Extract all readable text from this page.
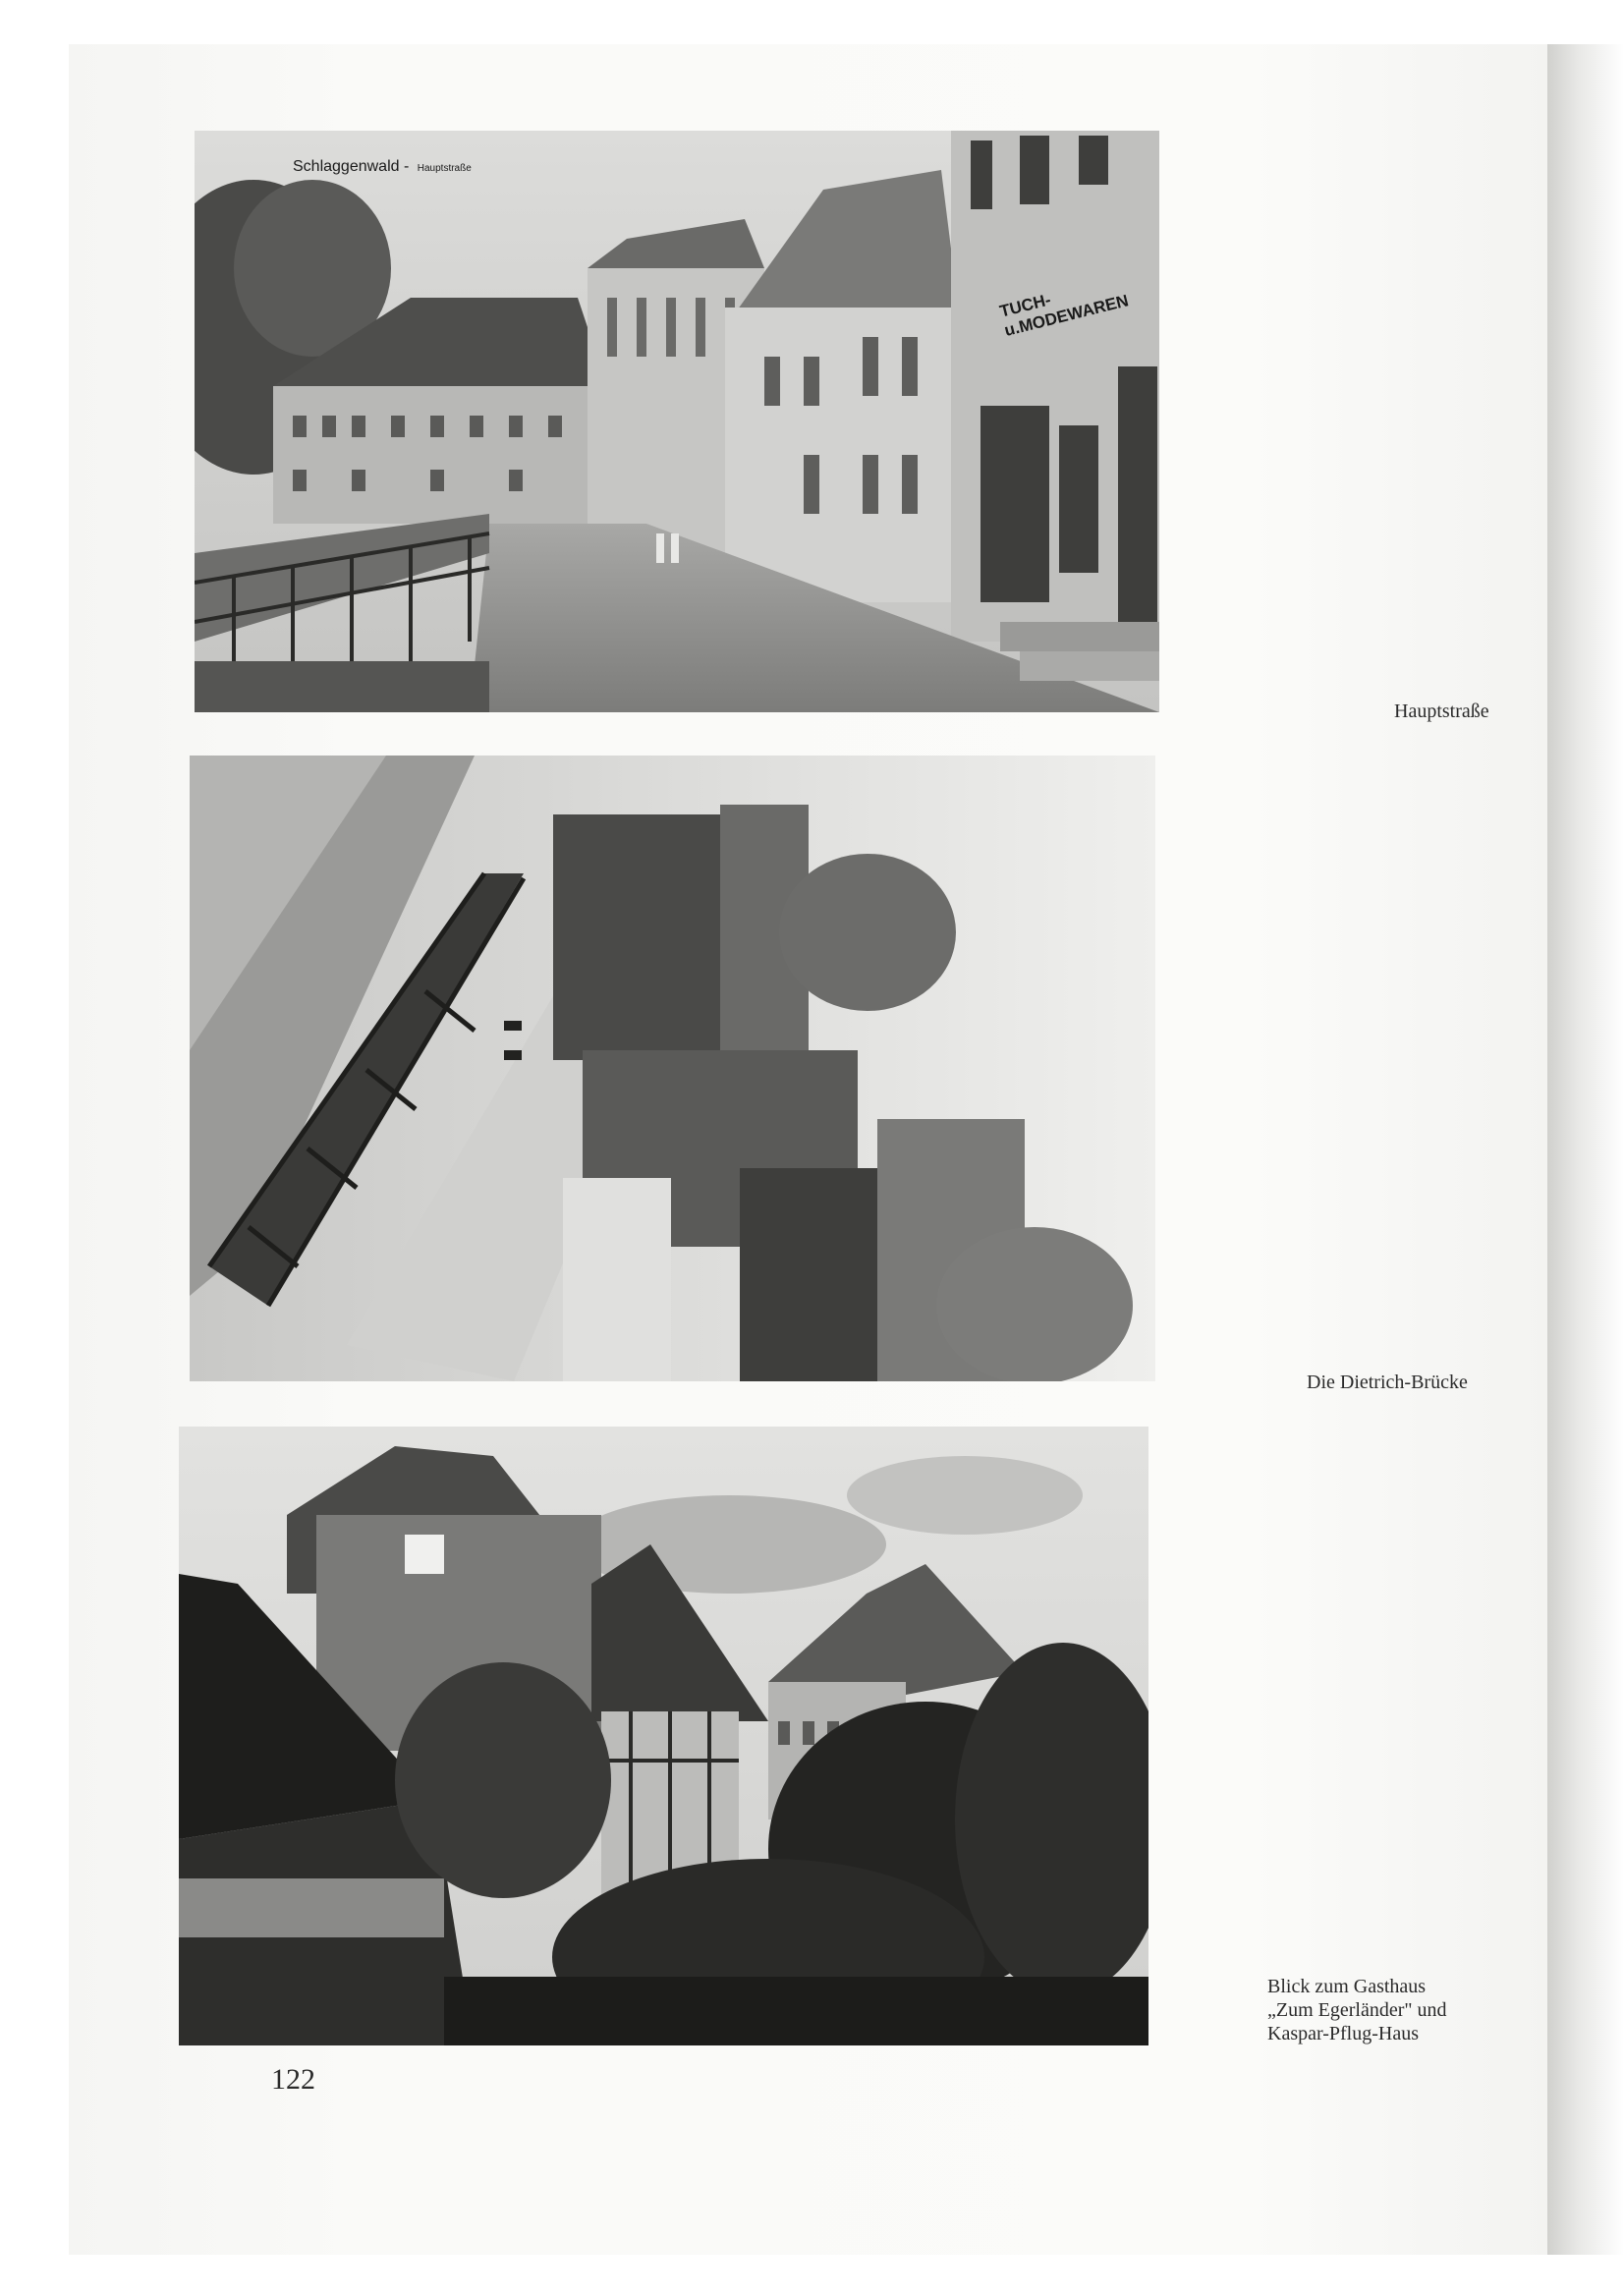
Schlaggenwald - Hauptstraße
TUCH-u.MODEWAREN
Hauptstraße
Die Dietrich-Brücke
Blick zum Gasthaus
„Zum Egerländer" und
Kaspar-Pflug-Haus
122
